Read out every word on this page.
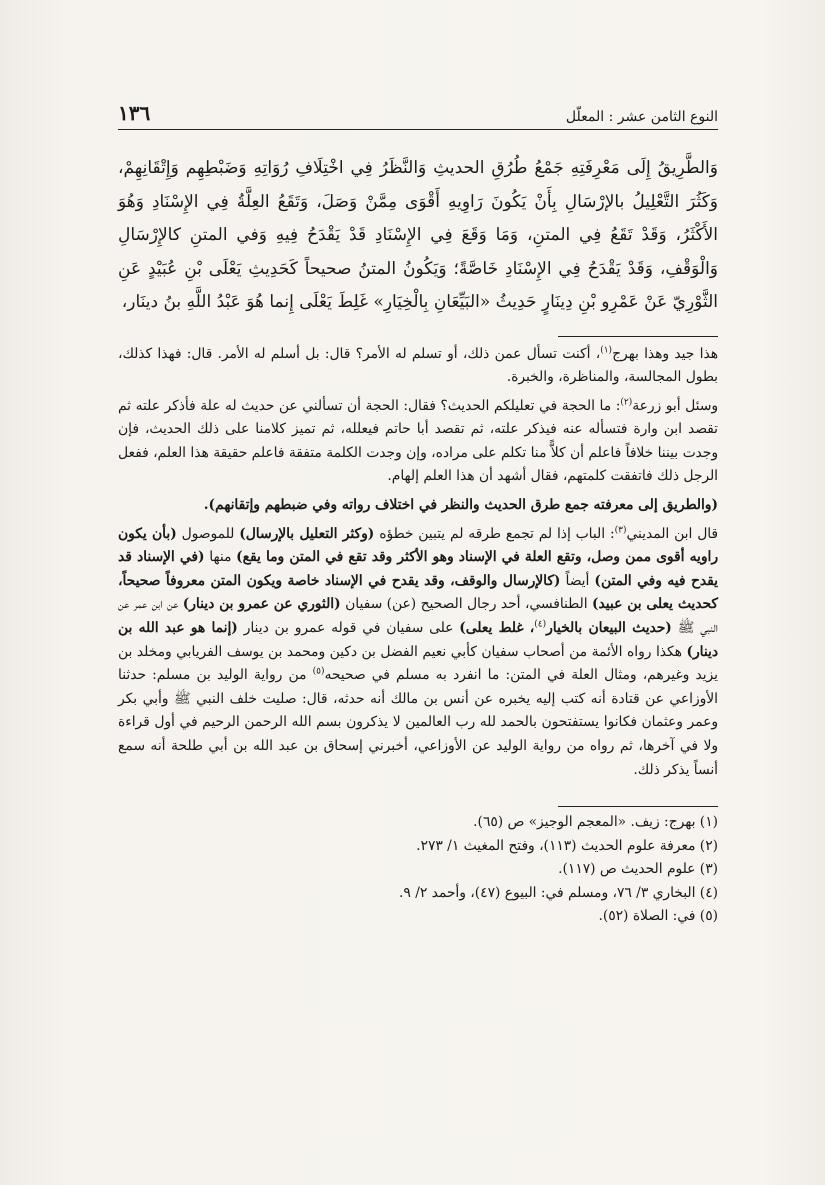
النوع الثامن عشر : المعلّل
١٣٦
وَالطَّرِيقُ إِلَى مَعْرِفَتِهِ جَمْعُ طُرُقِ الحديثِ وَالنَّظَرُ فِي اخْتِلَافِ رُوَاتِهِ وَضَبْطِهِم وَإِتْقَانِهِمْ، وَكَثُرَ التَّعْلِيلُ بالإرْسَالِ بِأَنْ يَكُونَ رَاوِيهِ أَقْوَى مِمَّنْ وَصَلَ، وَتَقَعُ العِلَّةُ فِي الإِسْنَادِ وَهُوَ الأَكْثَرُ، وَقَدْ تَقَعُ فِي المتنِ، وَمَا وَقَعَ فِي الإِسْنَادِ قَدْ يَقْدَحُ فِيهِ وَفي المتنِ كالإِرْسَالِ وَالْوَقْفِ، وَقَدْ يَقْدَحُ فِي الإِسْنَادِ خَاصَّةً؛ وَيَكُونُ المتنُ صحيحاً كَحَدِيثِ يَعْلَى بْنِ عُبَيْدٍ عَنِ الثَّوْرِيّ عَنْ عَمْرِو بْنِ دِينَارٍ حَدِيثُ «البَيِّعَانِ بِالْخِيَارِ» غَلِطَ يَعْلَى إِنما هُوَ عَبْدُ اللَّهِ بنُ دينَار،

هذا جيد وهذا بهرج$^{(١)}$، أكنت تسأل عمن ذلك، أو تسلم له الأمر؟ قال: بل أسلم له الأمر. قال: فهذا كذلك، بطول المجالسة، والمناظرة، والخبرة.

وسئل أبو زرعة$^{(٢)}$: ما الحجة في تعليلكم الحديث؟ فقال: الحجة أن تسألني عن حديث له علة فأذكر علته ثم تقصد ابن وارة فتسأله عنه فيذكر علته، ثم تقصد أبا حاتم فيعلله، ثم تميز كلامنا على ذلك الحديث، فإن وجدت بيننا خلافاً فاعلم أن كلاًّ منا تكلم على مراده، وإن وجدت الكلمة متفقة فاعلم حقيقة هذا العلم، ففعل الرجل ذلك فاتفقت كلمتهم، فقال أشهد أن هذا العلم إلهام.

(والطريق إلى معرفته جمع طرق الحديث والنظر في اختلاف رواته وفي ضبطهم وإتقانهم).

قال ابن المديني$^{(٣)}$: الباب إذا لم تجمع طرقه لم يتبين خطؤه (وكثر التعليل بالإرسال) للموصول (بأن يكون راويه أقوى ممن وصل، وتقع العلة في الإسناد وهو الأكثر وقد تقع في المتن وما يقع) منها (في الإسناد قد يقدح فيه وفي المتن) أيضاً (كالإرسال والوقف، وقد يقدح في الإسناد خاصة ويكون المتن معروفاً صحيحاً، كحديث يعلى بن عبيد) الطنافسي، أحد رجال الصحيح (عن) سفيان (الثوري عن عمرو بن دينار) عن ابن عمر عن النبي ﷺ (حديث البيعان بالخيار$^{(٤)}$، غلط يعلى) على سفيان في قوله عمرو بن دينار (إنما هو عبد الله بن دينار) هكذا رواه الأئمة من أصحاب سفيان كأبي نعيم الفضل بن دكين ومحمد بن يوسف الفريابي ومخلد بن يزيد وغيرهم، ومثال العلة في المتن: ما انفرد به مسلم في صحيحه$^{(٥)}$ من رواية الوليد بن مسلم: حدثنا الأوزاعي عن قتادة أنه كتب إليه يخبره عن أنس بن مالك أنه حدثه، قال: صليت خلف النبي ﷺ وأبي بكر وعمر وعثمان فكانوا يستفتحون بالحمد لله رب العالمين لا يذكرون بسم الله الرحمن الرحيم في أول قراءة ولا في آخرها، ثم رواه من رواية الوليد عن الأوزاعي، أخبرني إسحاق بن عبد الله بن أبي طلحة أنه سمع أنساً يذكر ذلك.

(١) بهرج: زيف. «المعجم الوجيز» ص (٦٥).
(٢) معرفة علوم الحديث (١١٣)، وفتح المغيث ١/ ٢٧٣.
(٣) علوم الحديث ص (١١٧).
(٤) البخاري ٣/ ٧٦، ومسلم في: البيوع (٤٧)، وأحمد ٢/ ٩.
(٥) في: الصلاة (٥٢).
